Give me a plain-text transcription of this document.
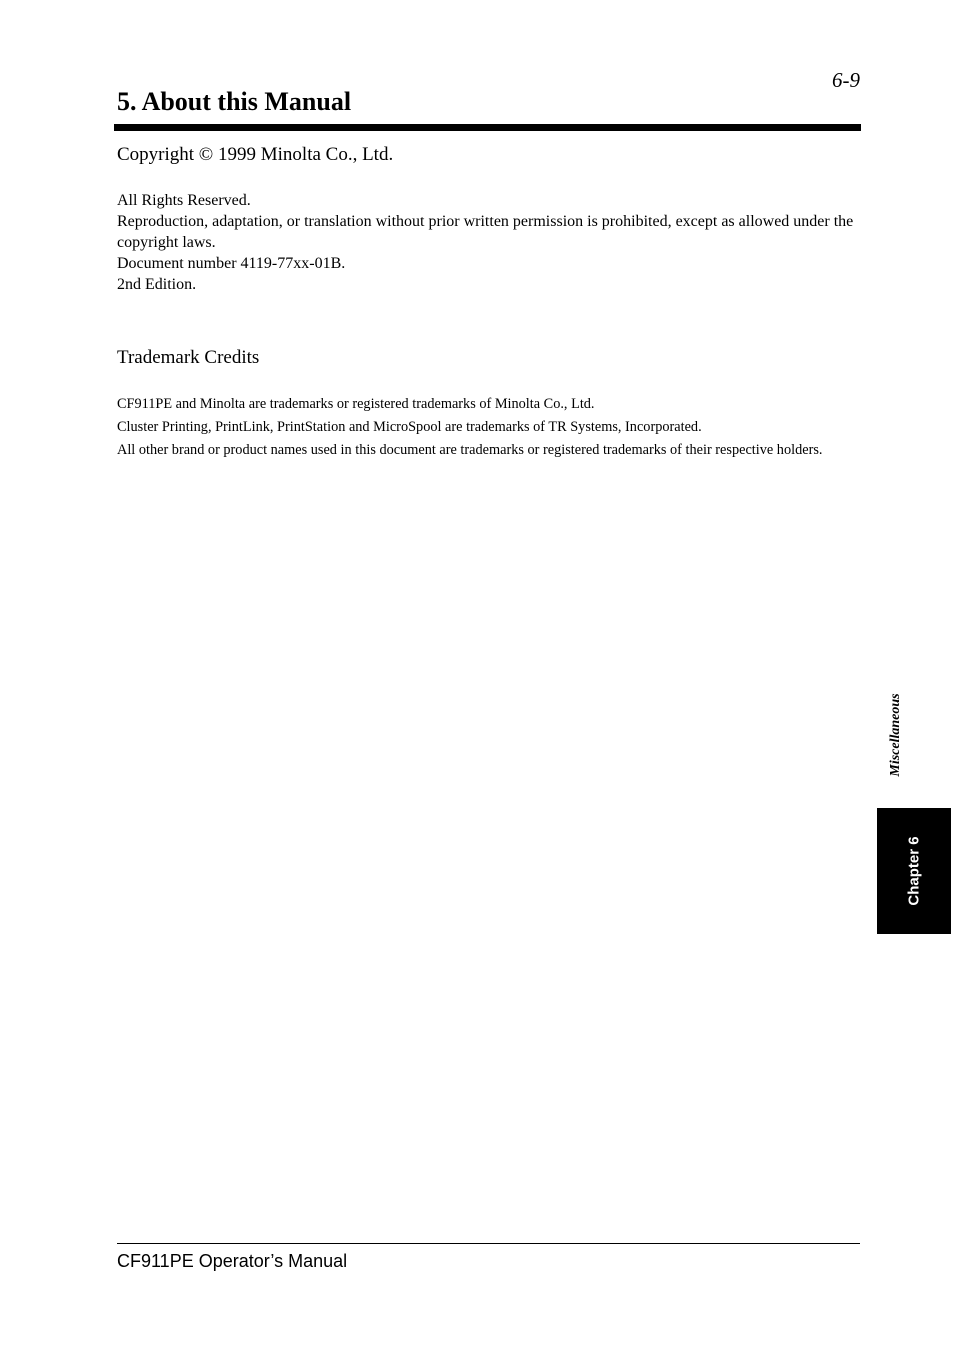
6-9
5. About this Manual
Copyright © 1999 Minolta Co., Ltd.
All Rights Reserved.
Reproduction, adaptation, or translation without prior written permission is prohibited, except as allowed under the copyright laws.
Document number 4119-77xx-01B.
2nd Edition.
Trademark Credits
CF911PE and Minolta are trademarks or registered trademarks of Minolta Co., Ltd.
Cluster Printing, PrintLink, PrintStation and MicroSpool are trademarks of TR Systems, Incorporated.
All other brand or product names used in this document are trademarks or registered trademarks of their respective holders.
Miscellaneous
Chapter 6
CF911PE Operator’s Manual
